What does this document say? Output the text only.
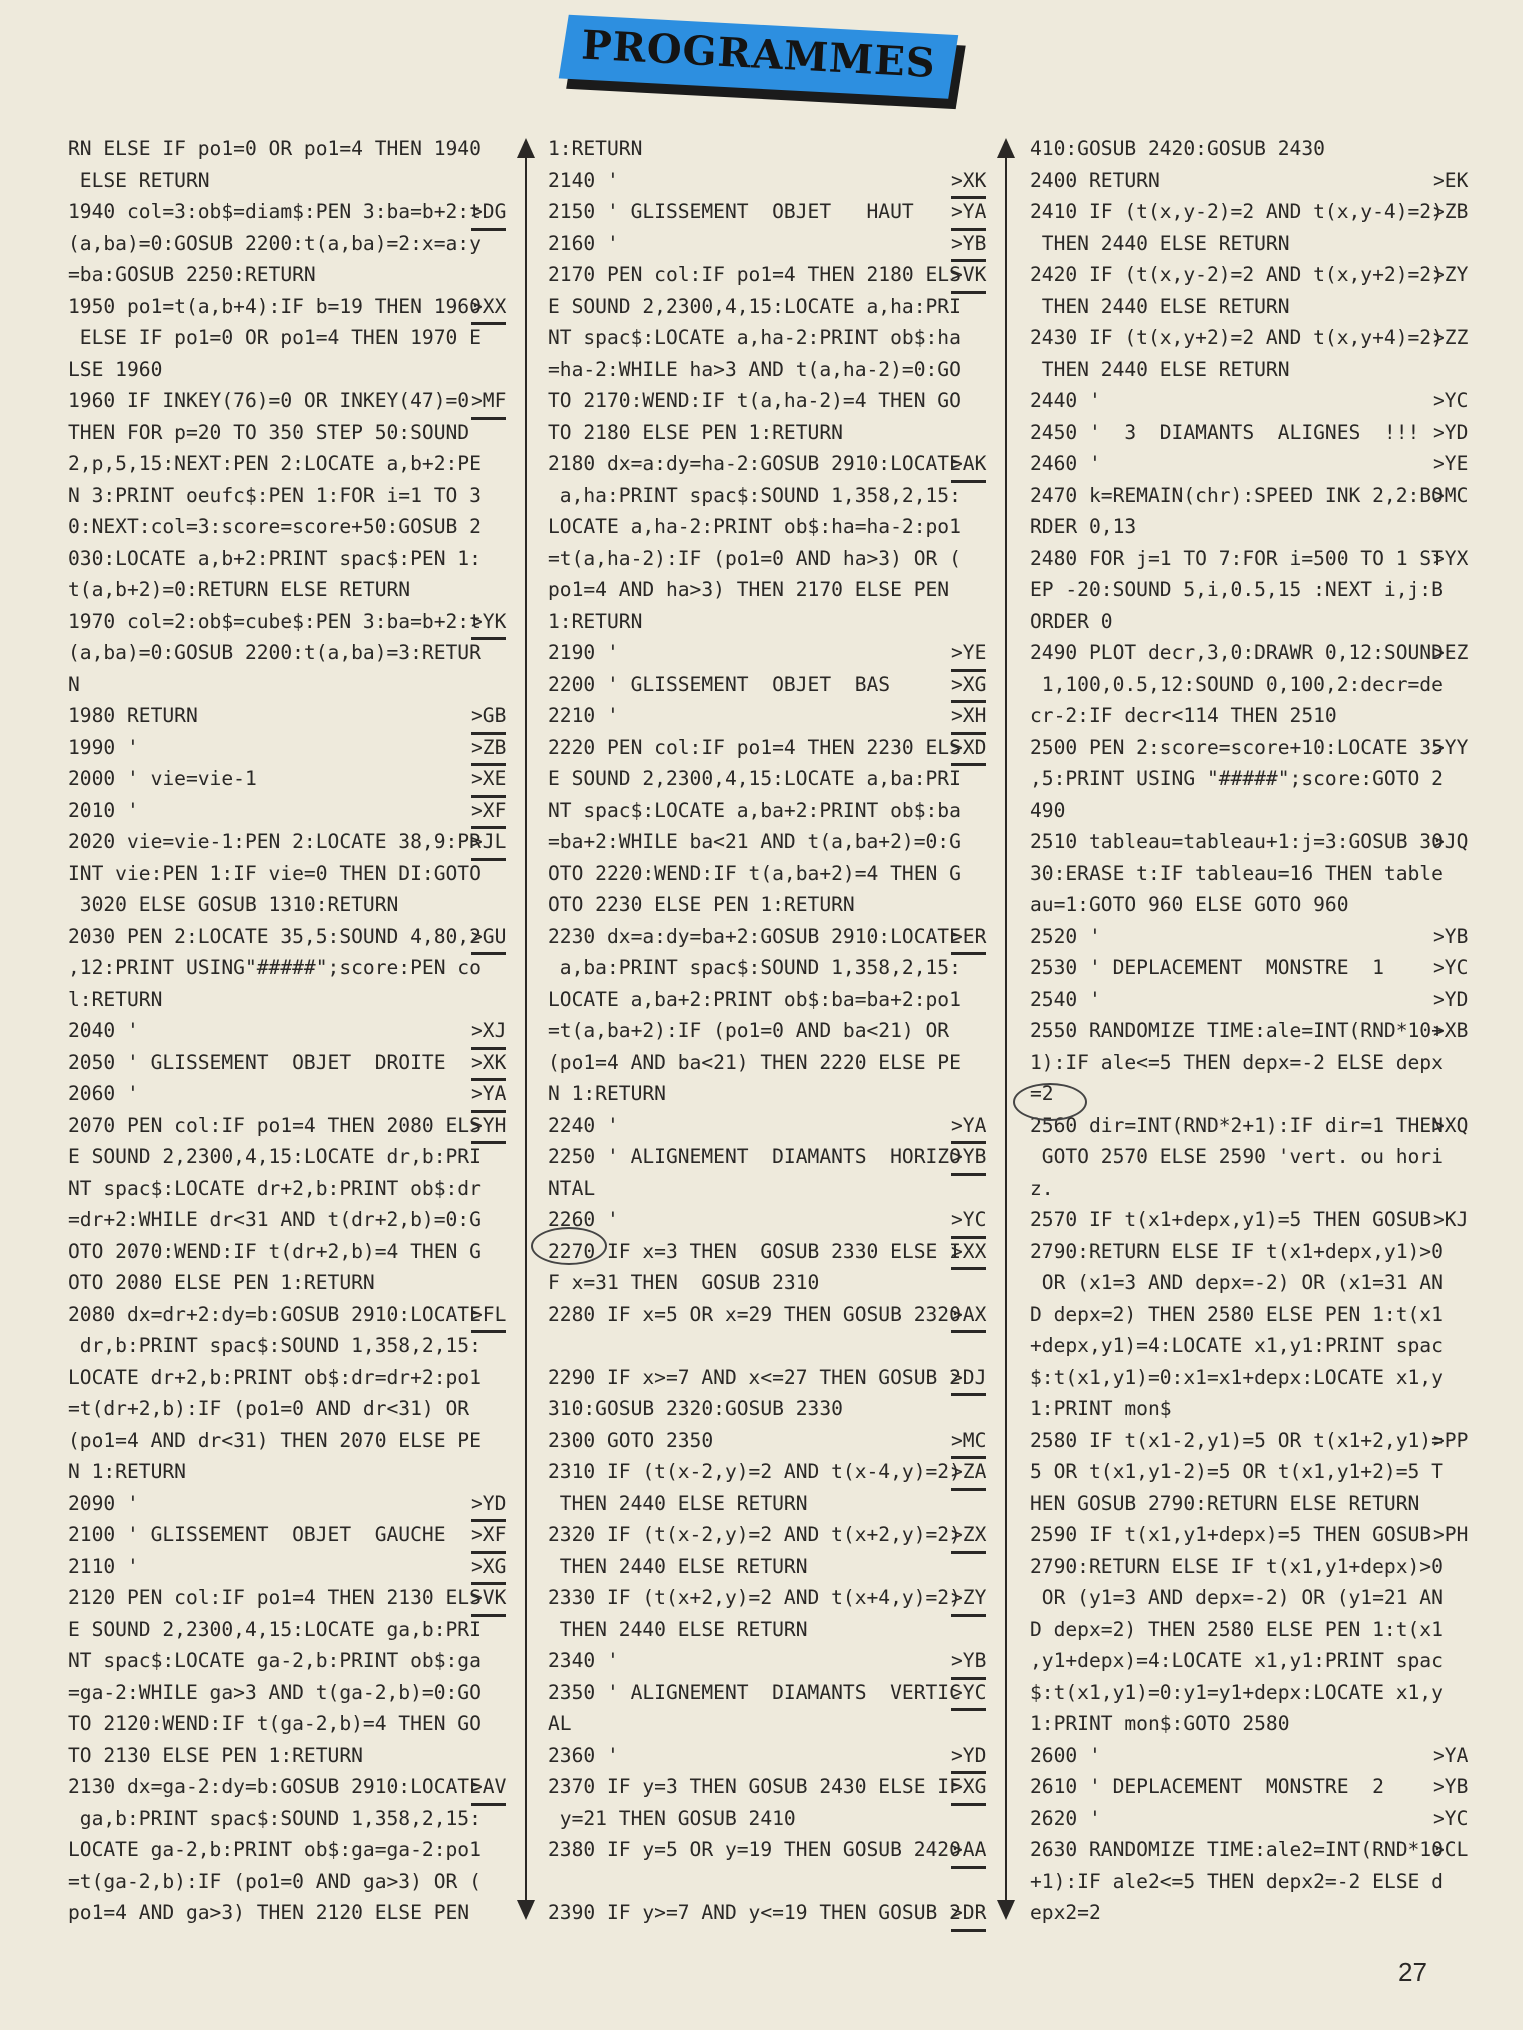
PROGRAMMES
RN ELSE IF po1=0 OR po1=4 THEN 1940
ELSE RETURN
1940 col=3:ob$=diam$:PEN 3:ba=b+2:t
>DG
(a,ba)=0:GOSUB 2200:t(a,ba)=2:x=a:y
=ba:GOSUB 2250:RETURN
1950 po1=t(a,b+4):IF b=19 THEN 1960
>XX
ELSE IF po1=0 OR po1=4 THEN 1970 E
LSE 1960
1960 IF INKEY(76)=0 OR INKEY(47)=0 >MF
THEN FOR p=20 TO 350 STEP 50:SOUND
2,p,5,15:NEXT:PEN 2:LOCATE a,b+2:PE
N 3:PRINT oeufc$:PEN 1:FOR i=1 TO 3
0:NEXT:col=3:score=score+50:GOSUB 2
030:LOCATE a,b+2:PRINT spac$:PEN 1:
t(a,b+2)=0:RETURN ELSE RETURN
1970 col=2:ob$=cube$:PEN 3:ba=b+2:t
>YK
(a,ba)=0:GOSUB 2200:t(a,ba)=3:RETUR
N
1980 RETURN	>GB
1990 '	>ZB
2000 ' vie=vie-1	>XE
2010 '	>XF
2020 vie=vie-1:PEN 2:LOCATE 38,9:PR
>JL
INT vie:PEN 1:IF vie=0 THEN DI:GOTO
3020 ELSE GOSUB 1310:RETURN
2030 PEN 2:LOCATE 35,5:SOUND 4,80,2
>GU
,12:PRINT USING"#####";score:PEN co
l:RETURN
2040 '	>XJ
2050 ' GLISSEMENT  OBJET  DROITE >XK
2060 '	>YA
2070 PEN col:IF po1=4 THEN 2080 ELS
>YH
E SOUND 2,2300,4,15:LOCATE dr,b:PRI
NT spac$:LOCATE dr+2,b:PRINT ob$:dr
=dr+2:WHILE dr<31 AND t(dr+2,b)=0:G
OTO 2070:WEND:IF t(dr+2,b)=4 THEN G
OTO 2080 ELSE PEN 1:RETURN
2080 dx=dr+2:dy=b:GOSUB 2910:LOCATE
>FL
dr,b:PRINT spac$:SOUND 1,358,2,15:
LOCATE dr+2,b:PRINT ob$:dr=dr+2:po1
=t(dr+2,b):IF (po1=0 AND dr<31) OR
(po1=4 AND dr<31) THEN 2070 ELSE PE
N 1:RETURN
2090 '	>YD
2100 ' GLISSEMENT  OBJET  GAUCHE >XF
2110 '	>XG
2120 PEN col:IF po1=4 THEN 2130 ELS
>VK
E SOUND 2,2300,4,15:LOCATE ga,b:PRI
NT spac$:LOCATE ga-2,b:PRINT ob$:ga
=ga-2:WHILE ga>3 AND t(ga-2,b)=0:GO
TO 2120:WEND:IF t(ga-2,b)=4 THEN GO
TO 2130 ELSE PEN 1:RETURN
2130 dx=ga-2:dy=b:GOSUB 2910:LOCATE
>AV
ga,b:PRINT spac$:SOUND 1,358,2,15:
LOCATE ga-2,b:PRINT ob$:ga=ga-2:po1
=t(ga-2,b):IF (po1=0 AND ga>3) OR (
po1=4 AND ga>3) THEN 2120 ELSE PEN
1:RETURN
2140 '	>XK
2150 ' GLISSEMENT  OBJET   HAUT >YA
2160 '	>YB
2170 PEN col:IF po1=4 THEN 2180 ELS
>VK
E SOUND 2,2300,4,15:LOCATE a,ha:PRI
NT spac$:LOCATE a,ha-2:PRINT ob$:ha
=ha-2:WHILE ha>3 AND t(a,ha-2)=0:GO
TO 2170:WEND:IF t(a,ha-2)=4 THEN GO
TO 2180 ELSE PEN 1:RETURN
2180 dx=a:dy=ha-2:GOSUB 2910:LOCATE
>AK
a,ha:PRINT spac$:SOUND 1,358,2,15:
LOCATE a,ha-2:PRINT ob$:ha=ha-2:po1
=t(a,ha-2):IF (po1=0 AND ha>3) OR (
po1=4 AND ha>3) THEN 2170 ELSE PEN
1:RETURN
2190 '	>YE
2200 ' GLISSEMENT  OBJET  BAS	>XG
2210 '	>XH
2220 PEN col:IF po1=4 THEN 2230 ELS
>XD
E SOUND 2,2300,4,15:LOCATE a,ba:PRI
NT spac$:LOCATE a,ba+2:PRINT ob$:ba
=ba+2:WHILE ba<21 AND t(a,ba+2)=0:G
OTO 2220:WEND:IF t(a,ba+2)=4 THEN G
OTO 2230 ELSE PEN 1:RETURN
2230 dx=a:dy=ba+2:GOSUB 2910:LOCATE
>ER
a,ba:PRINT spac$:SOUND 1,358,2,15:
LOCATE a,ba+2:PRINT ob$:ba=ba+2:po1
=t(a,ba+2):IF (po1=0 AND ba<21) OR
(po1=4 AND ba<21) THEN 2220 ELSE PE
N 1:RETURN
2240 '	>YA
2250 ' ALIGNEMENT  DIAMANTS  HORIZO
>YB
NTAL
2260 '	>YC
2270 IF x=3 THEN  GOSUB 2330 ELSE I
>XX
F x=31 THEN  GOSUB 2310
2280 IF x=5 OR x=29 THEN GOSUB 2320
>AX
2290 IF x>=7 AND x<=27 THEN GOSUB 2
>DJ
310:GOSUB 2320:GOSUB 2330
2300 GOTO 2350	>MC
2310 IF (t(x-2,y)=2 AND t(x-4,y)=2)
>ZA
THEN 2440 ELSE RETURN
2320 IF (t(x-2,y)=2 AND t(x+2,y)=2)
>ZX
THEN 2440 ELSE RETURN
2330 IF (t(x+2,y)=2 AND t(x+4,y)=2)
>ZY
THEN 2440 ELSE RETURN
2340 '	>YB
2350 ' ALIGNEMENT  DIAMANTS  VERTIC
>YC
AL
2360 '	>YD
2370 IF y=3 THEN GOSUB 2430 ELSE IF
>XG
y=21 THEN GOSUB 2410
2380 IF y=5 OR y=19 THEN GOSUB 2420
>AA
2390 IF y>=7 AND y<=19 THEN GOSUB 2
>DR
410:GOSUB 2420:GOSUB 2430
2400 RETURN	>EK
2410 IF (t(x,y-2)=2 AND t(x,y-4)=2)
>ZB
THEN 2440 ELSE RETURN
2420 IF (t(x,y-2)=2 AND t(x,y+2)=2)
>ZY
THEN 2440 ELSE RETURN
2430 IF (t(x,y+2)=2 AND t(x,y+4)=2)
>ZZ
THEN 2440 ELSE RETURN
2440 '	>YC
2450 '  3  DIAMANTS  ALIGNES  !!! >YD
2460 '	>YE
2470 k=REMAIN(chr):SPEED INK 2,2:BO
>MC
RDER 0,13
2480 FOR j=1 TO 7:FOR i=500 TO 1 ST
>YX
EP -20:SOUND 5,i,0.5,15 :NEXT i,j:B
ORDER 0
2490 PLOT decr,3,0:DRAWR 0,12:SOUND
>EZ
1,100,0.5,12:SOUND 0,100,2:decr=de
cr-2:IF decr<114 THEN 2510
2500 PEN 2:score=score+10:LOCATE 35
>YY
,5:PRINT USING "#####";score:GOTO 2
490
2510 tableau=tableau+1:j=3:GOSUB 30
>JQ
30:ERASE t:IF tableau=16 THEN table
au=1:GOTO 960 ELSE GOTO 960
2520 '	>YB
2530 ' DEPLACEMENT  MONSTRE  1	>YC
2540 '	>YD
2550 RANDOMIZE TIME:ale=INT(RND*10+
>XB
1):IF ale<=5 THEN depx=-2 ELSE depx
=2
2560 dir=INT(RND*2+1):IF dir=1 THEN
>XQ
GOTO 2570 ELSE 2590 'vert. ou hori
z.
2570 IF t(x1+depx,y1)=5 THEN GOSUB >KJ
2790:RETURN ELSE IF t(x1+depx,y1)>0
OR (x1=3 AND depx=-2) OR (x1=31 AN
D depx=2) THEN 2580 ELSE PEN 1:t(x1
+depx,y1)=4:LOCATE x1,y1:PRINT spac
$:t(x1,y1)=0:x1=x1+depx:LOCATE x1,y
1:PRINT mon$
2580 IF t(x1-2,y1)=5 OR t(x1+2,y1)=
>PP
5 OR t(x1,y1-2)=5 OR t(x1,y1+2)=5 T
HEN GOSUB 2790:RETURN ELSE RETURN
2590 IF t(x1,y1+depx)=5 THEN GOSUB >PH
2790:RETURN ELSE IF t(x1,y1+depx)>0
OR (y1=3 AND depx=-2) OR (y1=21 AN
D depx=2) THEN 2580 ELSE PEN 1:t(x1
,y1+depx)=4:LOCATE x1,y1:PRINT spac
$:t(x1,y1)=0:y1=y1+depx:LOCATE x1,y
1:PRINT mon$:GOTO 2580
2600 '	>YA
2610 ' DEPLACEMENT  MONSTRE  2	>YB
2620 '	>YC
2630 RANDOMIZE TIME:ale2=INT(RND*10
>CL
+1):IF ale2<=5 THEN depx2=-2 ELSE d
epx2=2
27
